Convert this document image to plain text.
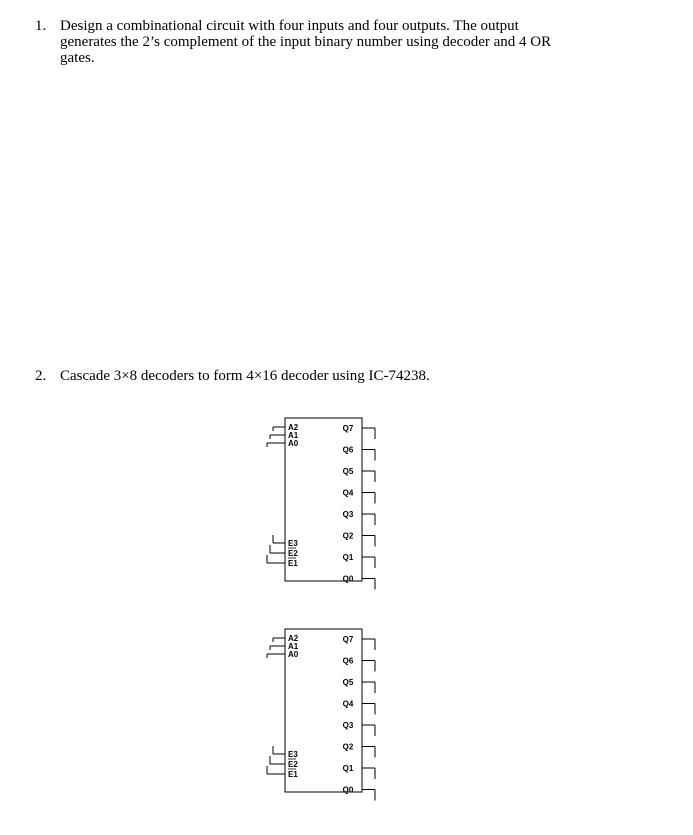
1. Design a combinational circuit with four inputs and four outputs. The output
generates the 2’s complement of the input binary number using decoder and 4 OR
gates.
2. Cascade 3×8 decoders to form 4×16 decoder using IC-74238.
A2
A1
A0
E3
E2
E1
Q7
Q6
Q5
Q4
Q3
Q2
Q1
Q0
A2
A1
A0
E3
E2
E1
Q7
Q6
Q5
Q4
Q3
Q2
Q1
Q0
